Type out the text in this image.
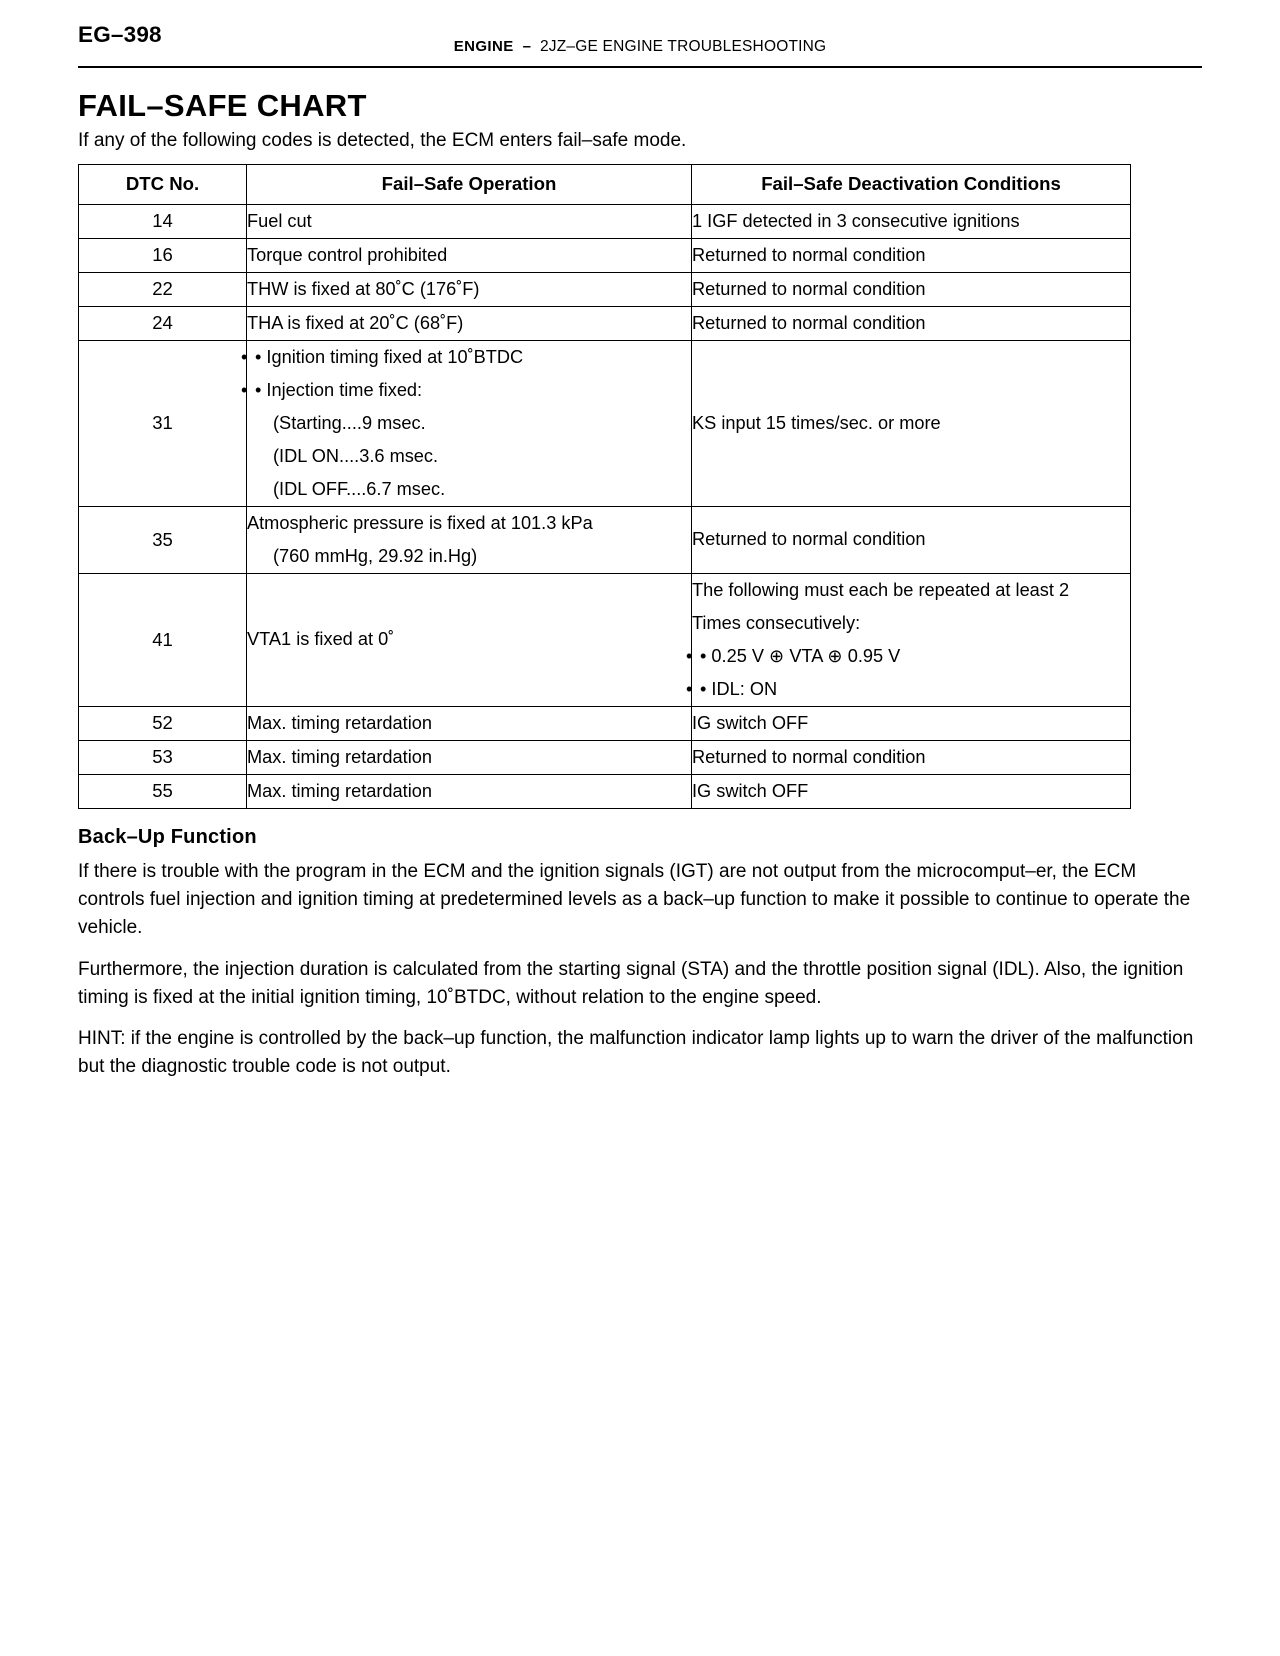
EG–398	ENGINE – 2JZ–GE ENGINE TROUBLESHOOTING
FAIL–SAFE CHART

If any of the following codes is detected, the ECM enters fail–safe mode.

DTC No.	Fail–Safe Operation	Fail–Safe Deactivation Conditions
14	Fuel cut	1 IGF detected in 3 consecutive ignitions
16	Torque control prohibited	Returned to normal condition
22	THW is fixed at 80˚C (176˚F)	Returned to normal condition
24	THA is fixed at 20˚C (68˚F)	Returned to normal condition
31	• • Ignition timing fixed at 10˚BTDC
• • Injection time fixed:
(Starting....9 msec.
(IDL ON....3.6 msec.
(IDL OFF....6.7 msec.	KS input 15 times/sec. or more
35	Atmospheric pressure is fixed at 101.3 kPa
(760 mmHg, 29.92 in.Hg)	Returned to normal condition
41	VTA1 is fixed at 0˚	The following must each be repeated at least 2
Times consecutively:
• • 0.25 V ⊕ VTA ⊕ 0.95 V
• • IDL: ON

52	Max. timing retardation	IG switch OFF
53	Max. timing retardation	Returned to normal condition
55	Max. timing retardation	IG switch OFF
Back–Up Function

If there is trouble with the program in the ECM and the ignition signals (IGT) are not output from the microcomput–er, the ECM controls fuel injection and ignition timing at predetermined levels as a back–up function to make it possible to continue to operate the vehicle.

Furthermore, the injection duration is calculated from the starting signal (STA) and the throttle position signal (IDL). Also, the ignition timing is fixed at the initial ignition timing, 10˚BTDC, without relation to the engine speed.

HINT: if the engine is controlled by the back–up function, the malfunction indicator lamp lights up to warn the driver of the malfunction but the diagnostic trouble code is not output.
